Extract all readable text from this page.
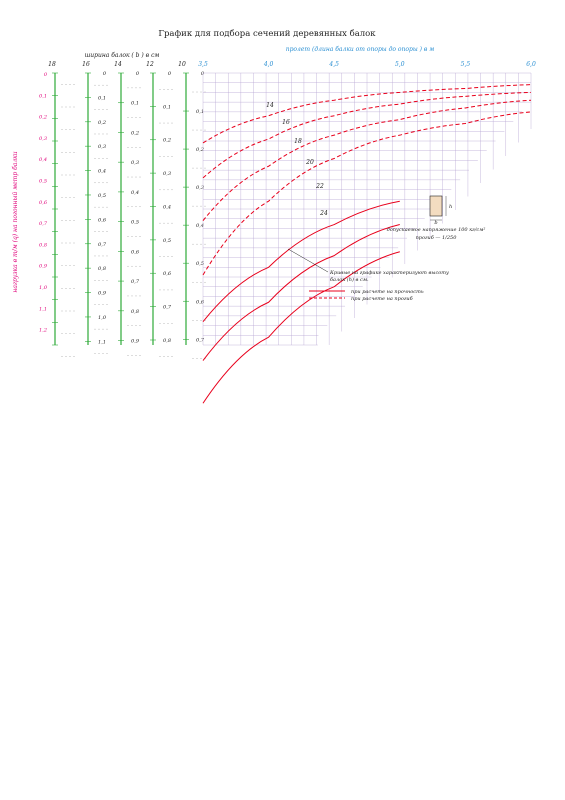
График для подбора сечений деревянных балок
ширина балок ( b ) в см
пролет (длина балки от опоры до опоры ) в м
нагрузка в т/м (q) на погонный метр балки
18	16	14	12	10
0
0,1
0,2
0,3
0,4
0,5
0,6
0,7
0,8
0,9
1,0
1,1
1,2
0
0,1
0,2
0,3
0,4
0,5
0,6
0,7
0,8
0,9
1,0
1,1
0
0,1
0,2
0,3
0,4
0,5
0,6
0,7
0,8
0,9
0
0,1
0,2
0,3
0,4
0,5
0,6
0,7
0,8
0
0,1
0,2
0,3
0,4
0,5
0,6
0,7
3,5	4,0	4,5	5,0	5,5	6,0
14
16
18
20
22
24
h
b
допускаемое напряжение 100 кг/см²
прогиб — 1/250
Кривые на графике характеризуют высоту балок (h) в см.
при расчете на прочность
при расчете на прогиб
